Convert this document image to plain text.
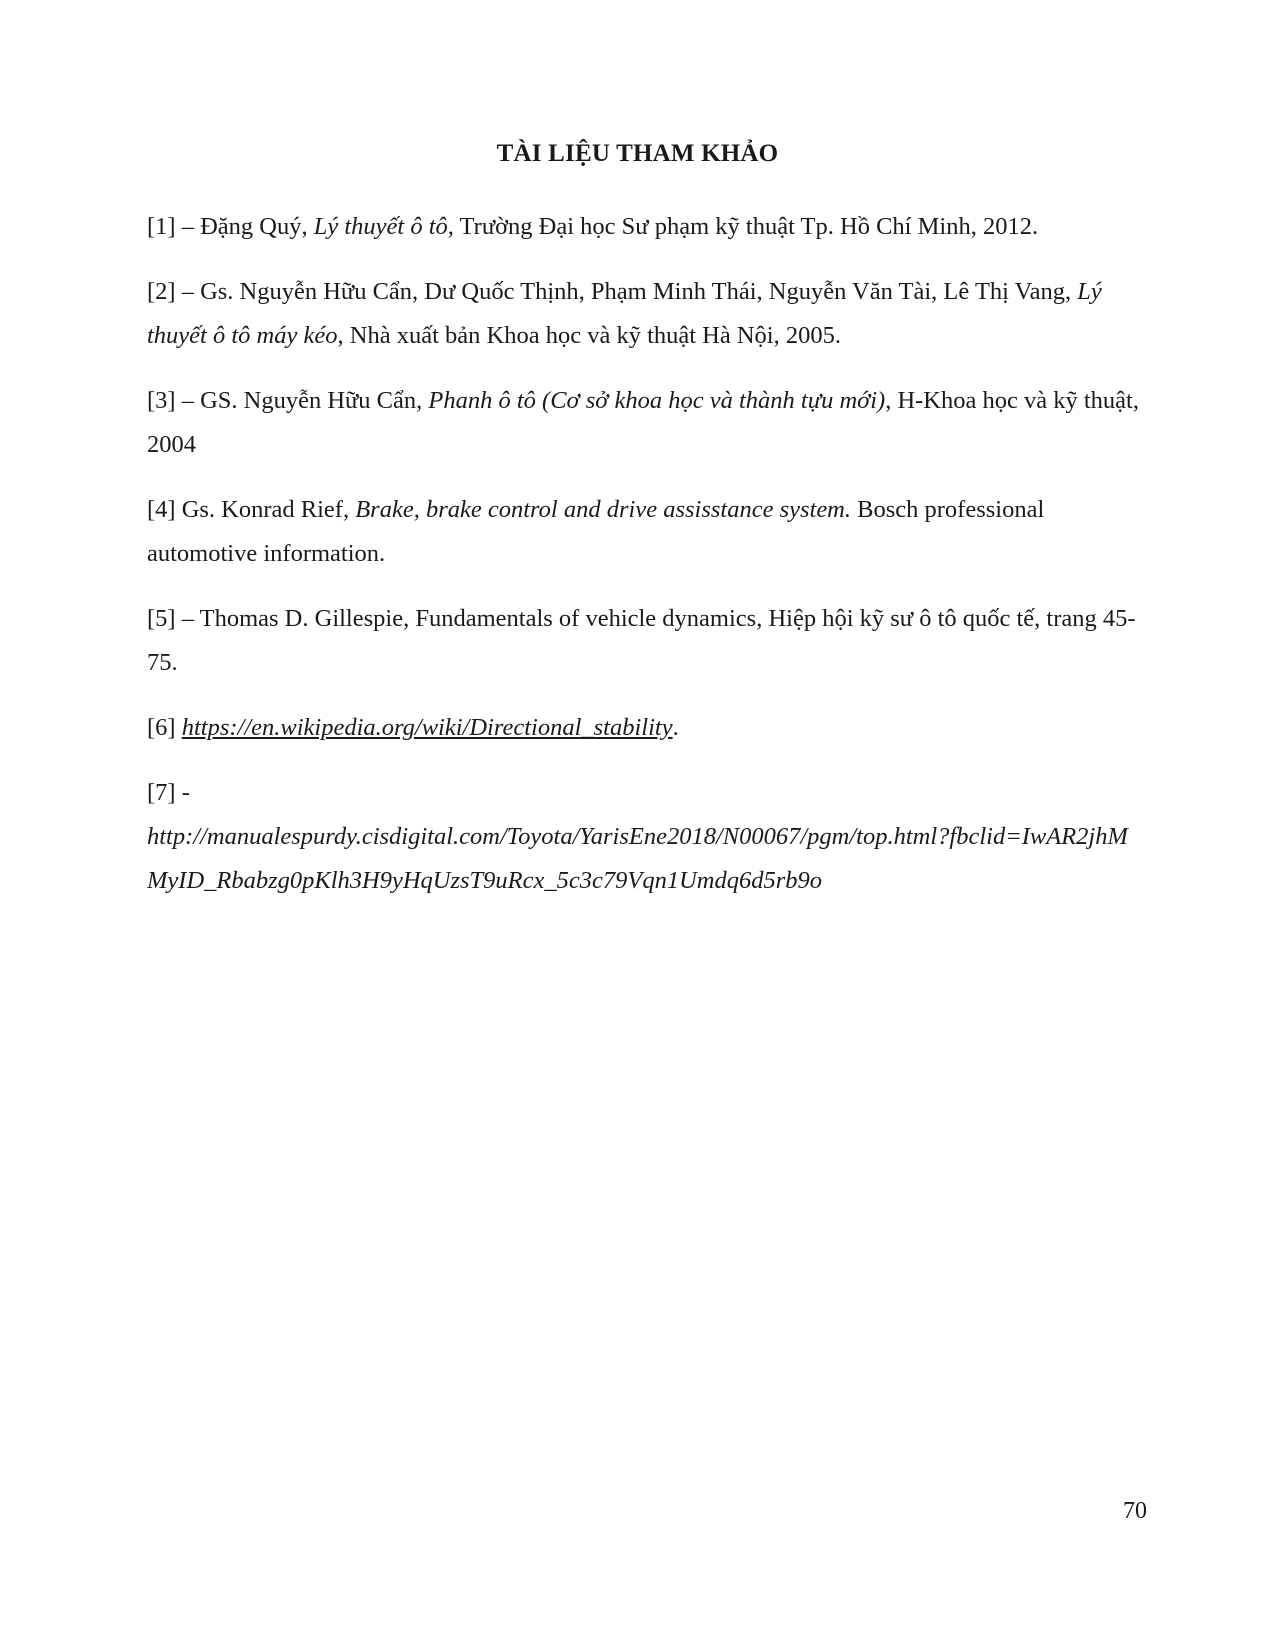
TÀI LIỆU THAM KHẢO

[1] – Đặng Quý, Lý thuyết ô tô, Trường Đại học Sư phạm kỹ thuật Tp. Hồ Chí Minh, 2012.

[2] – Gs. Nguyễn Hữu Cẩn, Dư Quốc Thịnh, Phạm Minh Thái, Nguyễn Văn Tài, Lê Thị Vang, Lý thuyết ô tô máy kéo, Nhà xuất bản Khoa học và kỹ thuật Hà Nội, 2005.

[3] – GS. Nguyễn Hữu Cẩn, Phanh ô tô (Cơ sở khoa học và thành tựu mới), H-Khoa học và kỹ thuật, 2004

[4] Gs. Konrad Rief, Brake, brake control and drive assisstance system. Bosch professional automotive information.

[5] – Thomas D. Gillespie, Fundamentals of vehicle dynamics, Hiệp hội kỹ sư ô tô quốc tế, trang 45-75.

[6] https://en.wikipedia.org/wiki/Directional_stability.

[7] -
http://manualespurdy.cisdigital.com/Toyota/YarisEne2018/N00067/pgm/top.html?fbclid=IwAR2jhMMyID_Rbabzg0pKlh3H9yHqUzsT9uRcx_5c3c79Vqn1Umdq6d5rb9o

70
